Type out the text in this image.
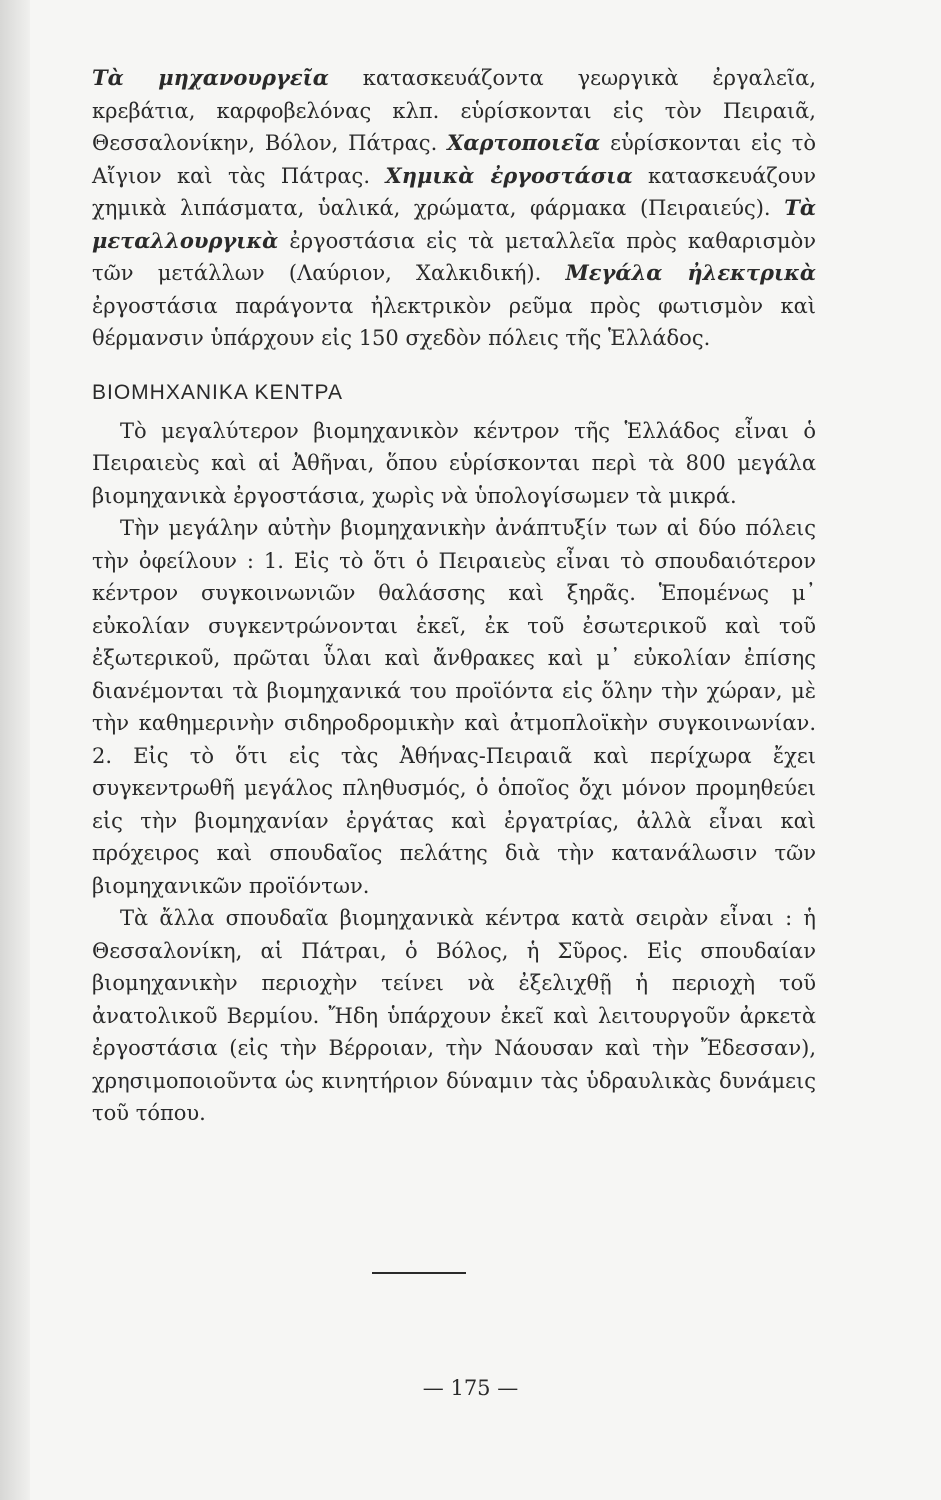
Τὰ μηχανουργεῖα κατασκευάζοντα γεωργικὰ ἐργαλεῖα, κρεβάτια, καρφοβελόνας κλπ. εὑρίσκονται εἰς τὸν Πειραιᾶ, Θεσσαλονίκην, Βόλον, Πάτρας. Χαρτοποιεῖα εὑρίσκονται εἰς τὸ Αἴγιον καὶ τὰς Πάτρας. Χημικὰ ἐργοστάσια κατασκευάζουν χημικὰ λιπάσματα, ὑαλικά, χρώματα, φάρμακα (Πειραιεύς). Τὰ μεταλλουργικὰ ἐργοστάσια εἰς τὰ μεταλλεῖα πρὸς καθαρισμὸν τῶν μετάλλων (Λαύριον, Χαλκιδική). Μεγάλα ἠλεκτρικὰ ἐργοστάσια παράγοντα ἠλεκτρικὸν ρεῦμα πρὸς φωτισμὸν καὶ θέρμανσιν ὑπάρχουν εἰς 150 σχεδὸν πόλεις τῆς Ἑλλάδος.

ΒΙΟΜΗΧΑΝΙΚΑ ΚΕΝΤΡΑ

Τὸ μεγαλύτερον βιομηχανικὸν κέντρον τῆς Ἑλλάδος εἶναι ὁ Πειραιεὺς καὶ αἱ Ἀθῆναι, ὅπου εὑρίσκονται περὶ τὰ 800 μεγάλα βιομηχανικὰ ἐργοστάσια, χωρὶς νὰ ὑπολογίσωμεν τὰ μικρά.

Τὴν μεγάλην αὐτὴν βιομηχανικὴν ἀνάπτυξίν των αἱ δύο πόλεις τὴν ὀφείλουν : 1. Εἰς τὸ ὅτι ὁ Πειραιεὺς εἶναι τὸ σπουδαιότερον κέντρον συγκοινωνιῶν θαλάσσης καὶ ξηρᾶς. Ἑπομένως μ᾿ εὐκολίαν συγκεντρώνονται ἐκεῖ, ἐκ τοῦ ἐσωτερικοῦ καὶ τοῦ ἐξωτερικοῦ, πρῶται ὗλαι καὶ ἄνθρακες καὶ μ᾿ εὐκολίαν ἐπίσης διανέμονται τὰ βιομηχανικά του προϊόντα εἰς ὅλην τὴν χώραν, μὲ τὴν καθημερινὴν σιδηροδρομικὴν καὶ ἀτμοπλοϊκὴν συγκοινωνίαν. 2. Εἰς τὸ ὅτι εἰς τὰς Ἀθήνας-Πειραιᾶ καὶ περίχωρα ἔχει συγκεντρωθῆ μεγάλος πληθυσμός, ὁ ὁποῖος ὄχι μόνον προμηθεύει εἰς τὴν βιομηχανίαν ἐργάτας καὶ ἐργατρίας, ἀλλὰ εἶναι καὶ πρόχειρος καὶ σπουδαῖος πελάτης διὰ τὴν κατανάλωσιν τῶν βιομηχανικῶν προϊόντων.

Τὰ ἄλλα σπουδαῖα βιομηχανικὰ κέντρα κατὰ σειρὰν εἶναι : ἡ Θεσσαλονίκη, αἱ Πάτραι, ὁ Βόλος, ἡ Σῦρος. Εἰς σπουδαίαν βιομηχανικὴν περιοχὴν τείνει νὰ ἐξελιχθῇ ἡ περιοχὴ τοῦ ἀνατολικοῦ Βερμίου. Ἤδη ὑπάρχουν ἐκεῖ καὶ λειτουργοῦν ἀρκετὰ ἐργοστάσια (εἰς τὴν Βέρροιαν, τὴν Νάουσαν καὶ τὴν Ἔδεσσαν), χρησιμοποιοῦντα ὡς κινητήριον δύναμιν τὰς ὑδραυλικὰς δυνάμεις τοῦ τόπου.

— 175 —
